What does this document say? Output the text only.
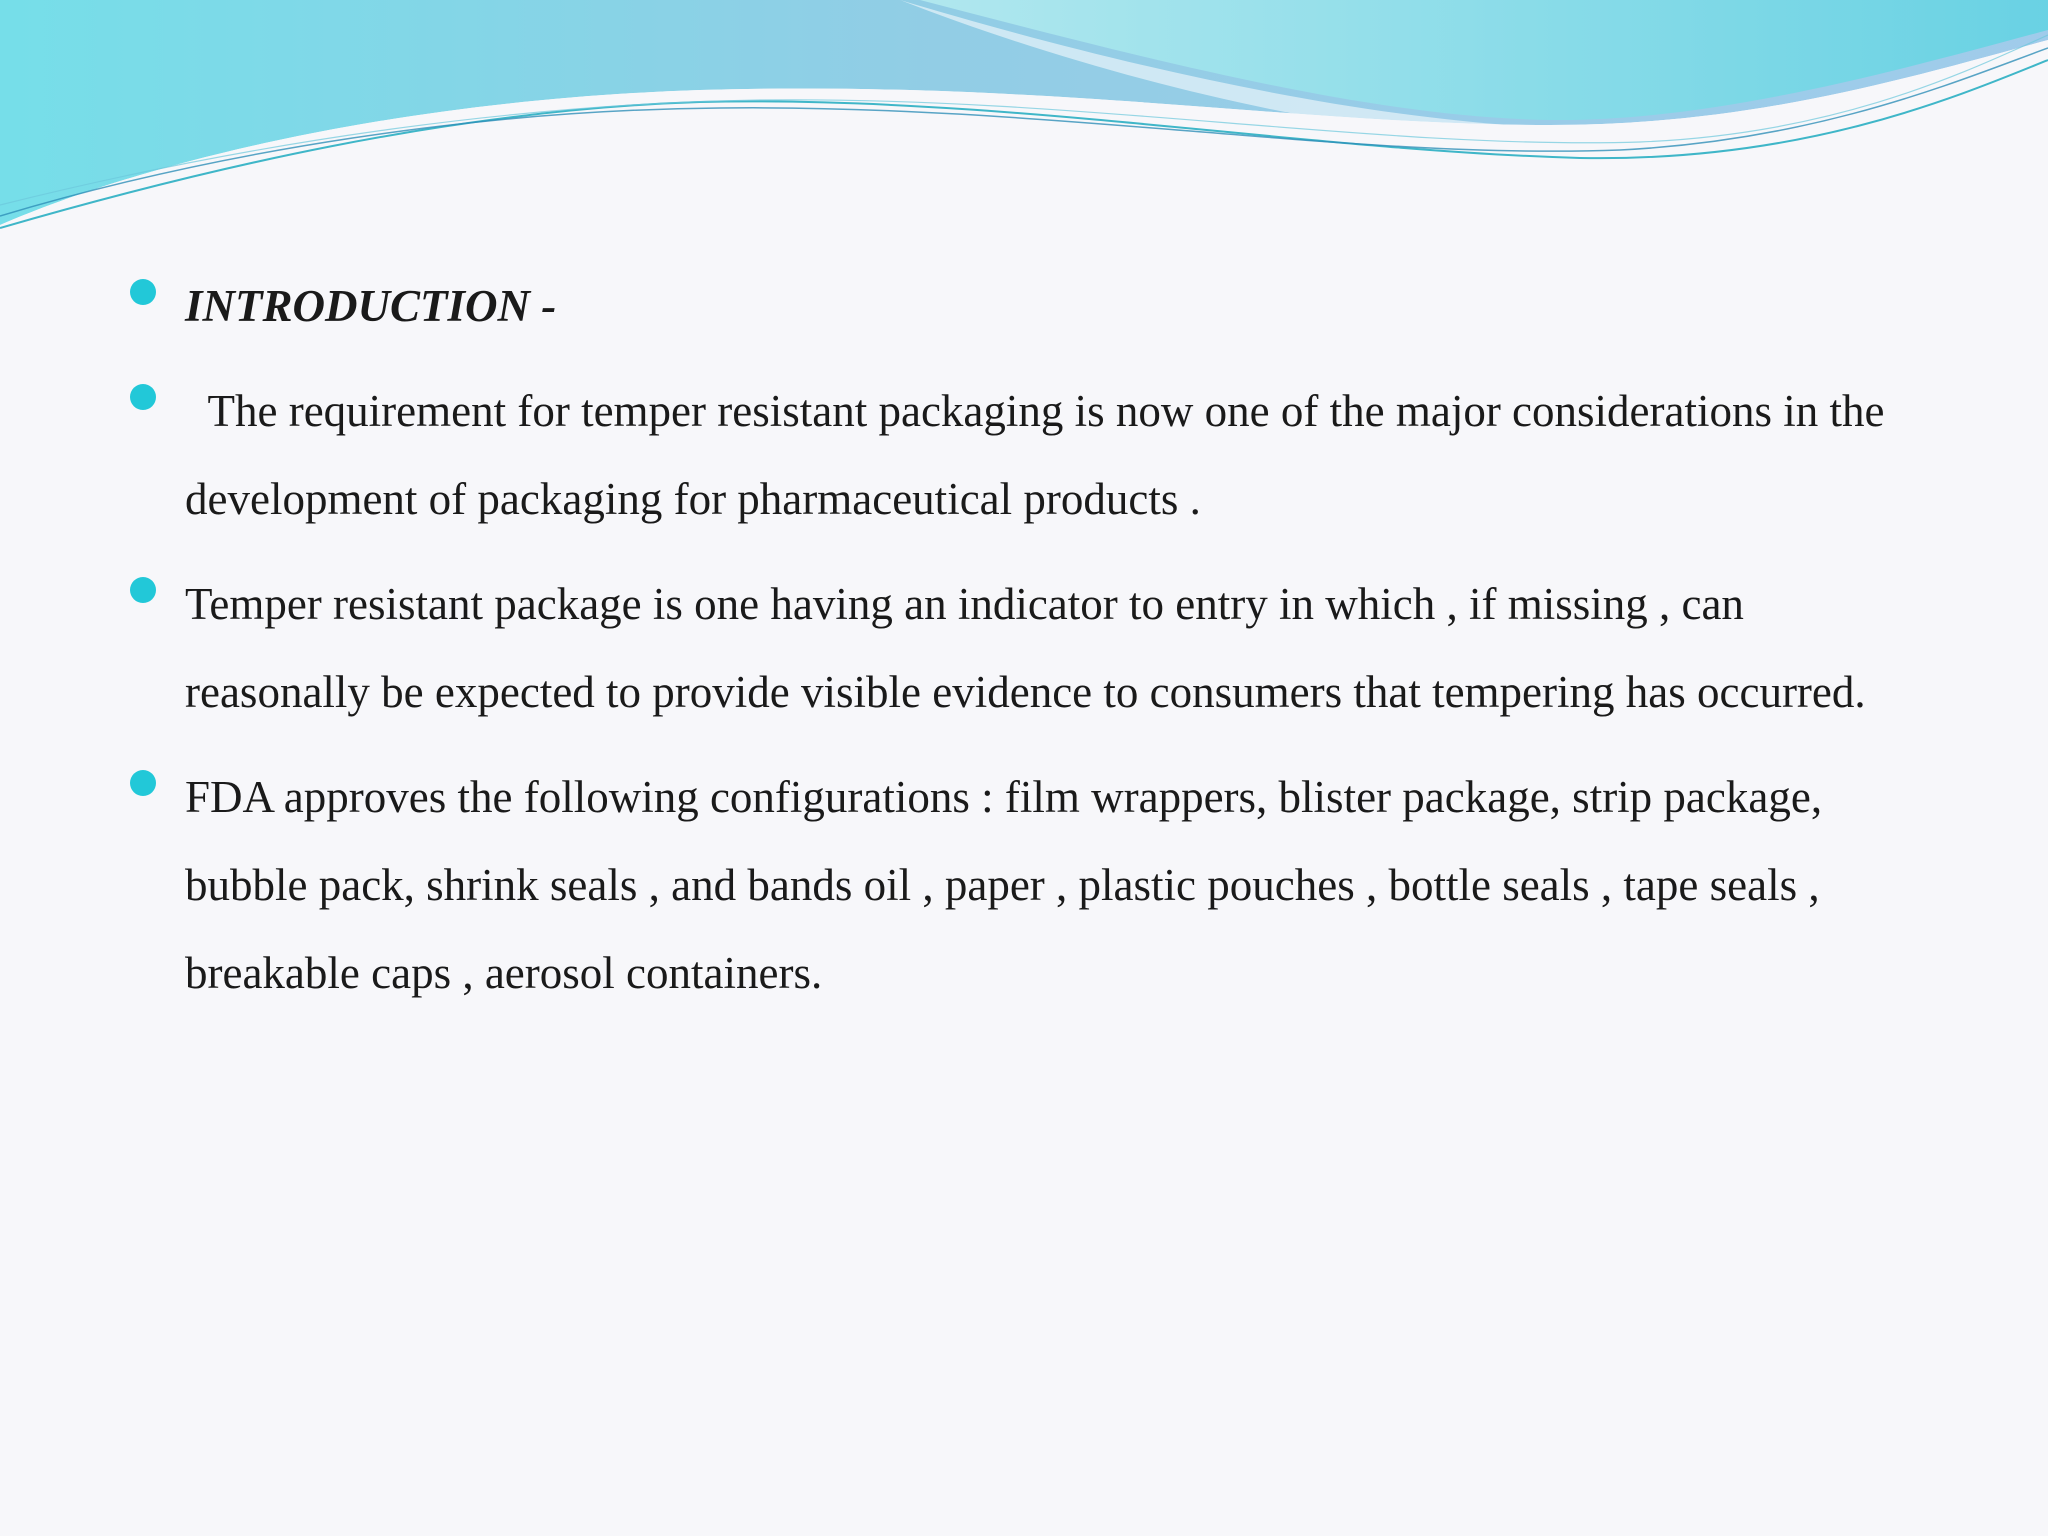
INTRODUCTION -
The requirement for temper resistant packaging is now one of the major considerations in the development of packaging for pharmaceutical products .
Temper resistant package is one having an indicator to entry in which , if missing , can reasonally be expected to provide visible evidence to consumers that tempering has occurred.
FDA approves the following configurations : film wrappers, blister package, strip package, bubble pack, shrink seals , and bands oil , paper , plastic pouches , bottle seals , tape seals , breakable caps , aerosol containers.
